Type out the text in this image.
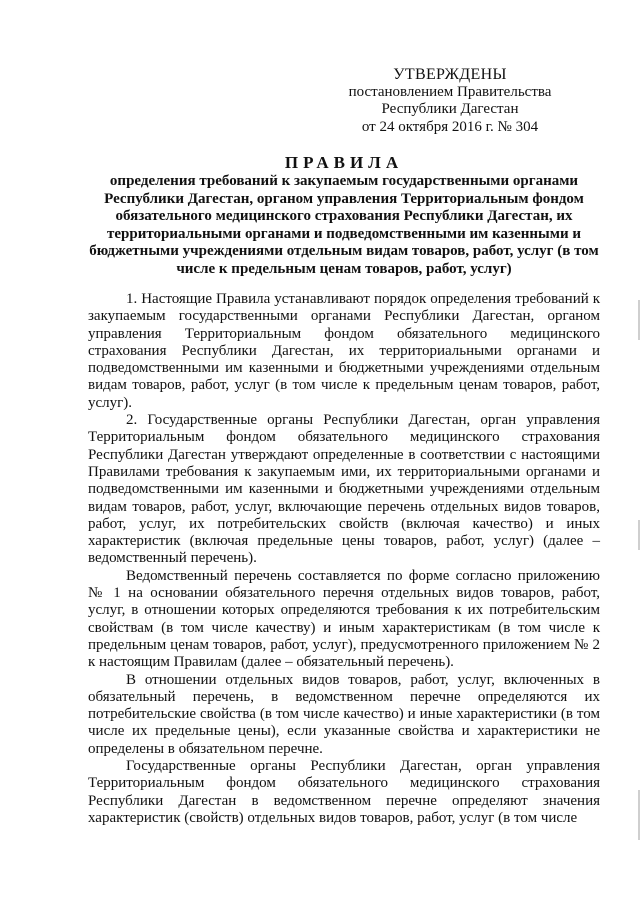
УТВЕРЖДЕНЫ
постановлением Правительства
Республики Дагестан
от 24 октября 2016 г. № 304
ПРАВИЛА
определения требований к закупаемым государственными органами Республики Дагестан, органом управления Территориальным фондом обязательного медицинского страхования Республики Дагестан, их территориальными органами и подведомственными им казенными и бюджетными учреждениями отдельным видам товаров, работ, услуг (в том числе к предельным ценам товаров, работ, услуг)

1. Настоящие Правила устанавливают порядок определения требований к закупаемым государственными органами Республики Дагестан, органом управления Территориальным фондом обязательного медицинского страхования Республики Дагестан, их территориальными органами и подведомственными им казенными и бюджетными учреждениями отдельным видам товаров, работ, услуг (в том числе к предельным ценам товаров, работ, услуг).

2. Государственные органы Республики Дагестан, орган управления Территориальным фондом обязательного медицинского страхования Республики Дагестан утверждают определенные в соответствии с настоящими Правилами требования к закупаемым ими, их территориальными органами и подведомственными им казенными и бюджетными учреждениями отдельным видам товаров, работ, услуг, включающие перечень отдельных видов товаров, работ, услуг, их потребительских свойств (включая качество) и иных характеристик (включая предельные цены товаров, работ, услуг) (далее – ведомственный перечень).

Ведомственный перечень составляется по форме согласно приложению № 1 на основании обязательного перечня отдельных видов товаров, работ, услуг, в отношении которых определяются требования к их потребительским свойствам (в том числе качеству) и иным характеристикам (в том числе к предельным ценам товаров, работ, услуг), предусмотренного приложением № 2 к настоящим Правилам (далее – обязательный перечень).

В отношении отдельных видов товаров, работ, услуг, включенных в обязательный перечень, в ведомственном перечне определяются их потребительские свойства (в том числе качество) и иные характеристики (в том числе их предельные цены), если указанные свойства и характеристики не определены в обязательном перечне.

Государственные органы Республики Дагестан, орган управления Территориальным фондом обязательного медицинского страхования Республики Дагестан в ведомственном перечне определяют значения характеристик (свойств) отдельных видов товаров, работ, услуг (в том числе
